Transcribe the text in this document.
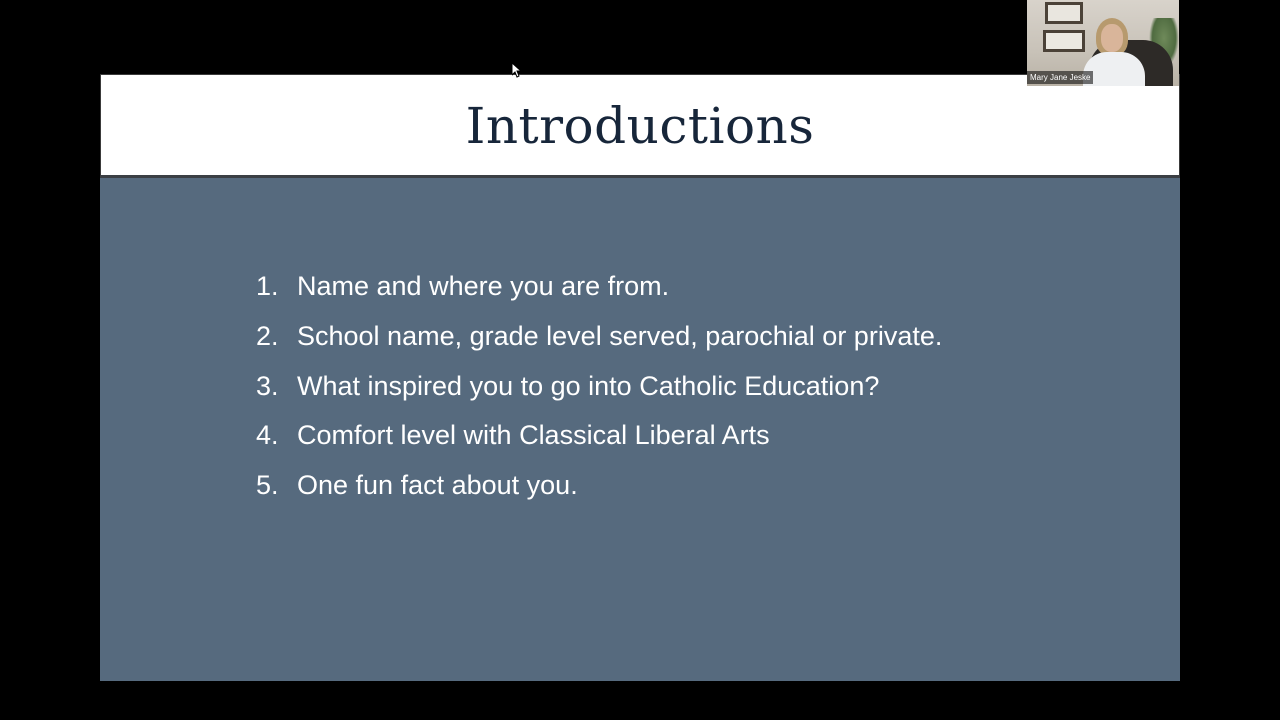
Introductions
1. Name and where you are from.
2. School name, grade level served, parochial or private.
3. What inspired you to go into Catholic Education?
4. Comfort level with Classical Liberal Arts
5. One fun fact about you.
Mary Jane Jeske
